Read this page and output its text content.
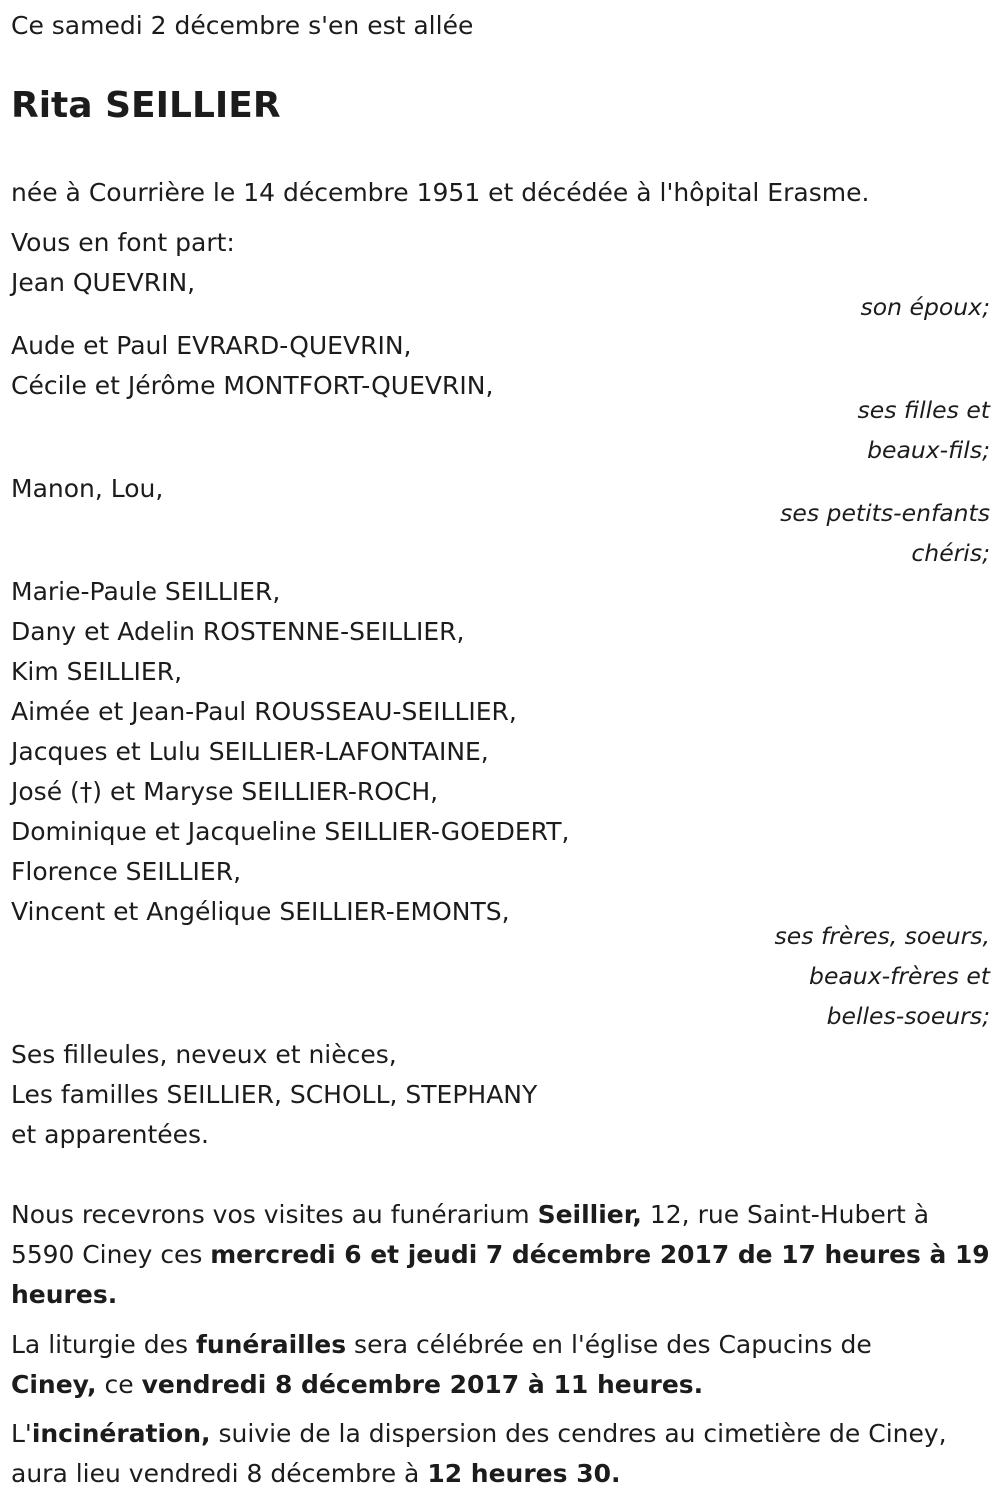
Ce samedi 2 décembre s'en est allée
Rita SEILLIER
née à Courrière le 14 décembre 1951 et décédée à l'hôpital Erasme.
Vous en font part:
Jean QUEVRIN,
son époux;
Aude et Paul EVRARD-QUEVRIN,
Cécile et Jérôme MONTFORT-QUEVRIN,
ses filles et
beaux-fils;
Manon, Lou,
ses petits-enfants
chéris;
Marie-Paule SEILLIER,
Dany et Adelin ROSTENNE-SEILLIER,
Kim SEILLIER,
Aimée et Jean-Paul ROUSSEAU-SEILLIER,
Jacques et Lulu SEILLIER-LAFONTAINE,
José (†) et Maryse SEILLIER-ROCH,
Dominique et Jacqueline SEILLIER-GOEDERT,
Florence SEILLIER,
Vincent et Angélique SEILLIER-EMONTS,
ses frères, soeurs,
beaux-frères et
belles-soeurs;
Ses filleules, neveux et nièces,
Les familles SEILLIER, SCHOLL, STEPHANY
et apparentées.
Nous recevrons vos visites au funérarium Seillier, 12, rue Saint-Hubert à
5590 Ciney ces mercredi 6 et jeudi 7 décembre 2017 de 17 heures à 19
heures.
La liturgie des funérailles sera célébrée en l'église des Capucins de
Ciney, ce vendredi 8 décembre 2017 à 11 heures.
L'incinération, suivie de la dispersion des cendres au cimetière de Ciney,
aura lieu vendredi 8 décembre à 12 heures 30.
